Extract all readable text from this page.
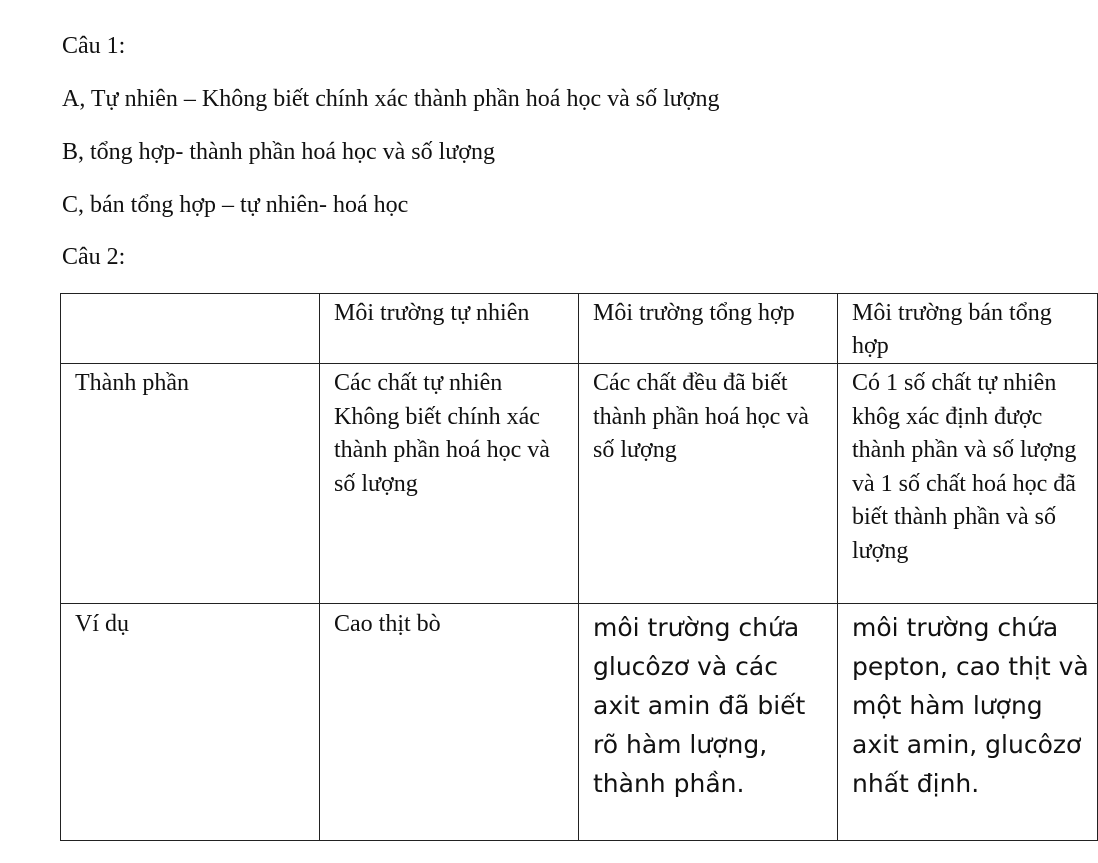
Câu 1:
A, Tự nhiên – Không biết chính xác thành phần hoá học và số lượng
B, tổng hợp- thành phần hoá học và số lượng
C, bán tổng hợp – tự nhiên- hoá học
Câu 2:
	Môi trường tự nhiên	Môi trường tổng hợp	Môi trường bán tổng hợp
Thành phần	Các chất tự nhiên Không biết chính xác thành phần hoá học và số lượng	Các chất đều đã biết thành phần hoá học và số lượng	Có 1 số chất tự nhiên khôg xác định được thành phần và số lượng và 1 số chất hoá học đã biết thành phần và số lượng
Ví dụ	Cao thịt bò	môi trường chứa glucôzơ và các axit amin đã biết rõ hàm lượng, thành phần.	môi trường chứa pepton, cao thịt và một hàm lượng axit amin, glucôzơ nhất định.
